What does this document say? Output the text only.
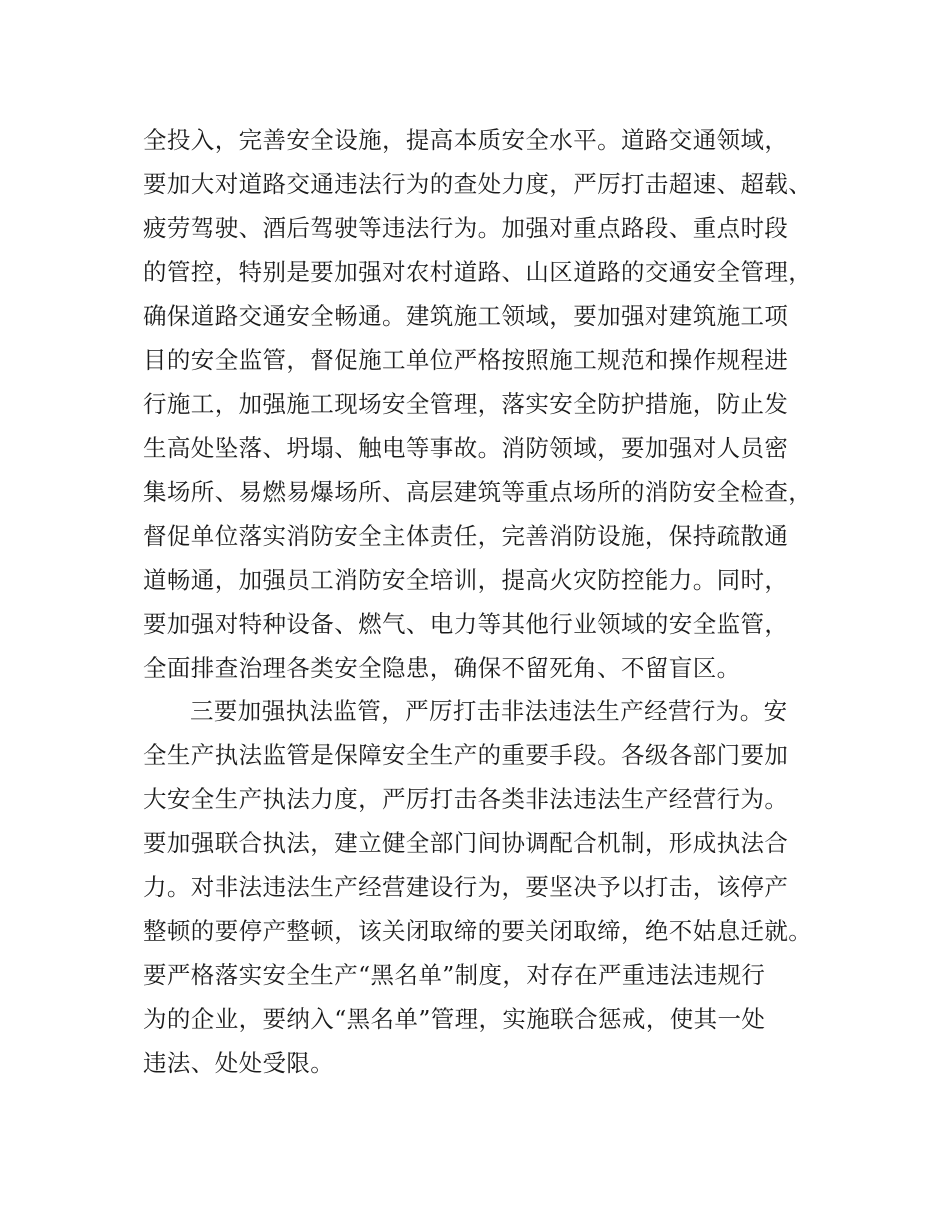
全投入，完善安全设施，提高本质安全水平。道路交通领域，
要加大对道路交通违法行为的查处力度，严厉打击超速、超载、
疲劳驾驶、酒后驾驶等违法行为。加强对重点路段、重点时段
的管控，特别是要加强对农村道路、山区道路的交通安全管理，
确保道路交通安全畅通。建筑施工领域，要加强对建筑施工项
目的安全监管，督促施工单位严格按照施工规范和操作规程进
行施工，加强施工现场安全管理，落实安全防护措施，防止发
生高处坠落、坍塌、触电等事故。消防领域，要加强对人员密
集场所、易燃易爆场所、高层建筑等重点场所的消防安全检查，
督促单位落实消防安全主体责任，完善消防设施，保持疏散通
道畅通，加强员工消防安全培训，提高火灾防控能力。同时，
要加强对特种设备、燃气、电力等其他行业领域的安全监管，
全面排查治理各类安全隐患，确保不留死角、不留盲区。
三要加强执法监管，严厉打击非法违法生产经营行为。安
全生产执法监管是保障安全生产的重要手段。各级各部门要加
大安全生产执法力度，严厉打击各类非法违法生产经营行为。
要加强联合执法，建立健全部门间协调配合机制，形成执法合
力。对非法违法生产经营建设行为，要坚决予以打击，该停产
整顿的要停产整顿，该关闭取缔的要关闭取缔，绝不姑息迁就。
要严格落实安全生产“黑名单”制度，对存在严重违法违规行
为的企业，要纳入“黑名单”管理，实施联合惩戒，使其一处
违法、处处受限。
